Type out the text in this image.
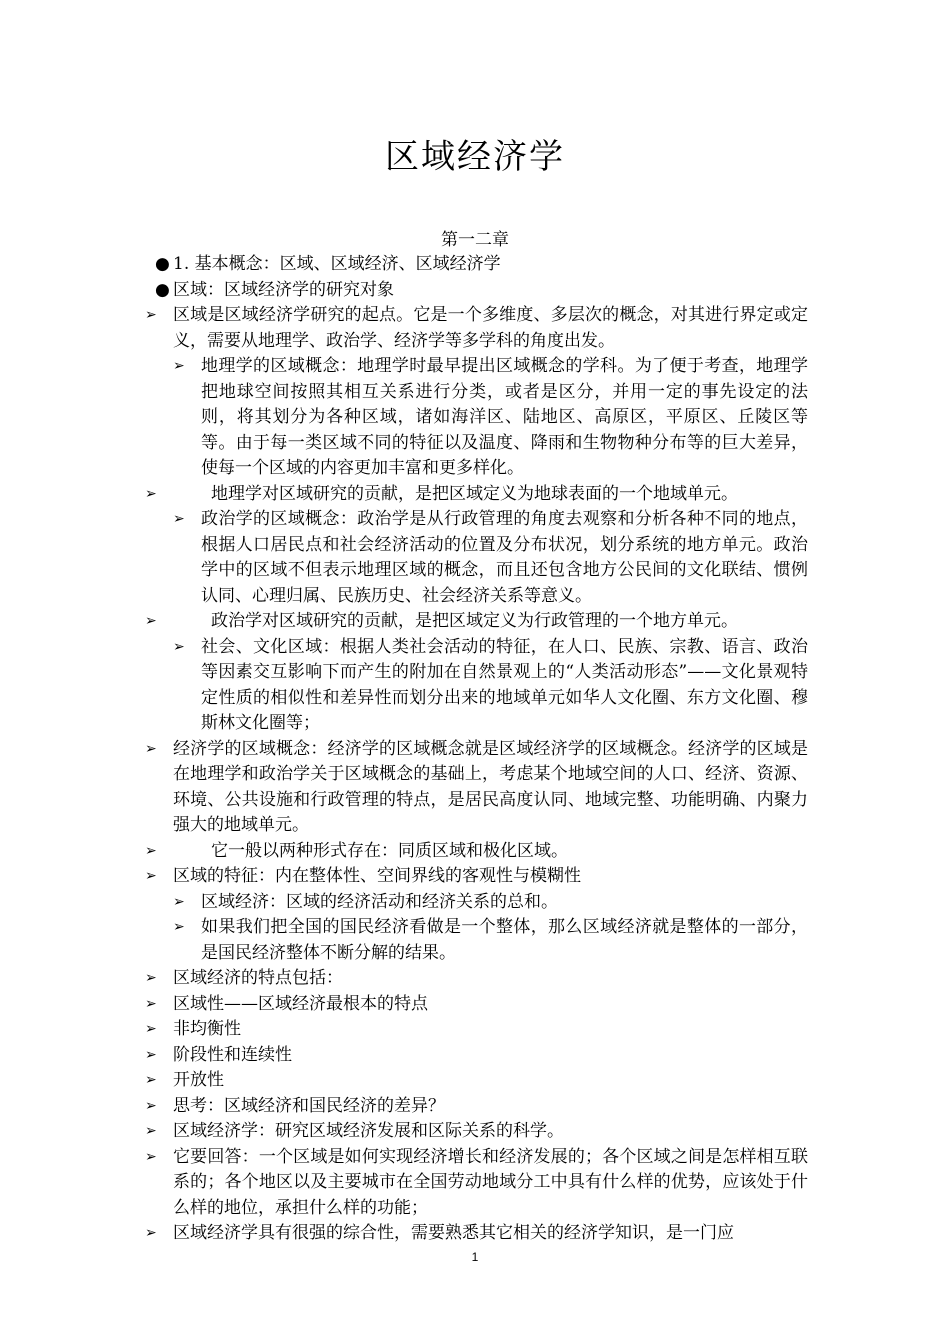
区域经济学
第一二章
● 1. 基本概念：区域、区域经济、区域经济学
● 区域：区域经济学的研究对象
➢ 区域是区域经济学研究的起点。它是一个多维度、多层次的概念，对其进行界定或定义，需要从地理学、政治学、经济学等多学科的角度出发。
➢ 地理学的区域概念：地理学时最早提出区域概念的学科。为了便于考查，地理学把地球空间按照其相互关系进行分类，或者是区分，并用一定的事先设定的法则，将其划分为各种区域，诸如海洋区、陆地区、高原区，平原区、丘陵区等等。由于每一类区域不同的特征以及温度、降雨和生物物种分布等的巨大差异，使每一个区域的内容更加丰富和更多样化。
➢	地理学对区域研究的贡献，是把区域定义为地球表面的一个地域单元。
➢ 政治学的区域概念：政治学是从行政管理的角度去观察和分析各种不同的地点，根据人口居民点和社会经济活动的位置及分布状况，划分系统的地方单元。政治学中的区域不但表示地理区域的概念，而且还包含地方公民间的文化联结、惯例认同、心理归属、民族历史、社会经济关系等意义。
➢	政治学对区域研究的贡献，是把区域定义为行政管理的一个地方单元。
➢ 社会、文化区域：根据人类社会活动的特征，在人口、民族、宗教、语言、政治等因素交互影响下而产生的附加在自然景观上的“人类活动形态”——文化景观特定性质的相似性和差异性而划分出来的地域单元如华人文化圈、东方文化圈、穆斯林文化圈等；
➢ 经济学的区域概念：经济学的区域概念就是区域经济学的区域概念。经济学的区域是在地理学和政治学关于区域概念的基础上，考虑某个地域空间的人口、经济、资源、环境、公共设施和行政管理的特点，是居民高度认同、地域完整、功能明确、内聚力强大的地域单元。
➢	它一般以两种形式存在：同质区域和极化区域。
➢ 区域的特征：内在整体性、空间界线的客观性与模糊性
➢ 区域经济：区域的经济活动和经济关系的总和。
➢ 如果我们把全国的国民经济看做是一个整体，那么区域经济就是整体的一部分，是国民经济整体不断分解的结果。
➢ 区域经济的特点包括：
➢ 区域性——区域经济最根本的特点
➢ 非均衡性
➢ 阶段性和连续性
➢ 开放性
➢ 思考：区域经济和国民经济的差异？
➢ 区域经济学：研究区域经济发展和区际关系的科学。
➢ 它要回答：一个区域是如何实现经济增长和经济发展的；各个区域之间是怎样相互联系的；各个地区以及主要城市在全国劳动地域分工中具有什么样的优势，应该处于什么样的地位，承担什么样的功能；
➢ 区域经济学具有很强的综合性，需要熟悉其它相关的经济学知识，是一门应
1
